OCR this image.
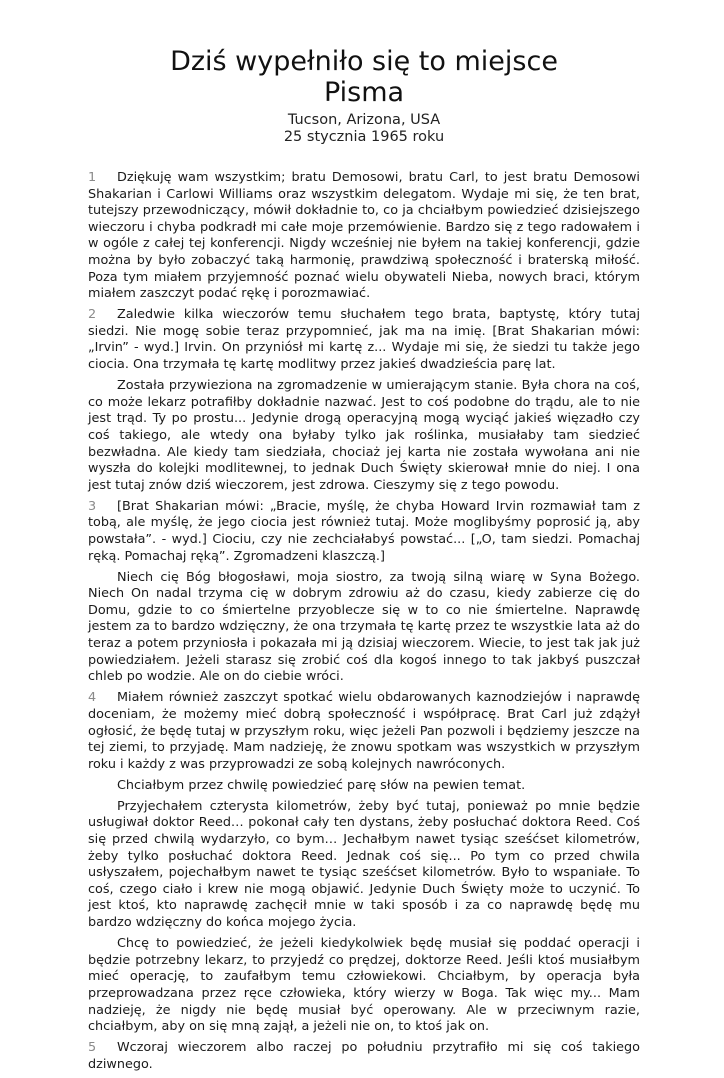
Dziś wypełniło się to miejsce
Pisma
Tucson, Arizona, USA
25 stycznia 1965 roku

1 Dziękuję wam wszystkim; bratu Demosowi, bratu Carl, to jest bratu Demosowi Shakarian i Carlowi Williams oraz wszystkim delegatom. Wydaje mi się, że ten brat, tutejszy przewodniczący, mówił dokładnie to, co ja chciałbym powiedzieć dzisiejszego wieczoru i chyba podkradł mi całe moje przemówienie. Bardzo się z tego radowałem i w ogóle z całej tej konferencji. Nigdy wcześniej nie byłem na takiej konferencji, gdzie można by było zobaczyć taką harmonię, prawdziwą społeczność i braterską miłość. Poza tym miałem przyjemność poznać wielu obywateli Nieba, nowych braci, którym miałem zaszczyt podać rękę i porozmawiać.

2 Zaledwie kilka wieczorów temu słuchałem tego brata, baptystę, który tutaj siedzi. Nie mogę sobie teraz przypomnieć, jak ma na imię. [Brat Shakarian mówi: „Irvin” - wyd.] Irvin. On przyniósł mi kartę z... Wydaje mi się, że siedzi tu także jego ciocia. Ona trzymała tę kartę modlitwy przez jakieś dwadzieścia parę lat.

Została przywieziona na zgromadzenie w umierającym stanie. Była chora na coś, co może lekarz potrafiłby dokładnie nazwać. Jest to coś podobne do trądu, ale to nie jest trąd. Ty po prostu... Jedynie drogą operacyjną mogą wyciąć jakieś więzadło czy coś takiego, ale wtedy ona byłaby tylko jak roślinka, musiałaby tam siedzieć bezwładna. Ale kiedy tam siedziała, chociaż jej karta nie została wywołana ani nie wyszła do kolejki modlitewnej, to jednak Duch Święty skierował mnie do niej. I ona jest tutaj znów dziś wieczorem, jest zdrowa. Cieszymy się z tego powodu.

3 [Brat Shakarian mówi: „Bracie, myślę, że chyba Howard Irvin rozmawiał tam z tobą, ale myślę, że jego ciocia jest również tutaj. Może moglibyśmy poprosić ją, aby powstała”. - wyd.] Ciociu, czy nie zechciałabyś powstać... [„O, tam siedzi. Pomachaj ręką. Pomachaj ręką”. Zgromadzeni klaszczą.]

Niech cię Bóg błogosławi, moja siostro, za twoją silną wiarę w Syna Bożego. Niech On nadal trzyma cię w dobrym zdrowiu aż do czasu, kiedy zabierze cię do Domu, gdzie to co śmiertelne przyoblecze się w to co nie śmiertelne. Naprawdę jestem za to bardzo wdzięczny, że ona trzymała tę kartę przez te wszystkie lata aż do teraz a potem przyniosła i pokazała mi ją dzisiaj wieczorem. Wiecie, to jest tak jak już powiedziałem. Jeżeli starasz się zrobić coś dla kogoś innego to tak jakbyś puszczał chleb po wodzie. Ale on do ciebie wróci.

4 Miałem również zaszczyt spotkać wielu obdarowanych kaznodziejów i naprawdę doceniam, że możemy mieć dobrą społeczność i współpracę. Brat Carl już zdążył ogłosić, że będę tutaj w przyszłym roku, więc jeżeli Pan pozwoli i będziemy jeszcze na tej ziemi, to przyjadę. Mam nadzieję, że znowu spotkam was wszystkich w przyszłym roku i każdy z was przyprowadzi ze sobą kolejnych nawróconych.

Chciałbym przez chwilę powiedzieć parę słów na pewien temat.

Przyjechałem czterysta kilometrów, żeby być tutaj, ponieważ po mnie będzie usługiwał doktor Reed… pokonał cały ten dystans, żeby posłuchać doktora Reed. Coś się przed chwilą wydarzyło, co bym… Jechałbym nawet tysiąc sześćset kilometrów, żeby tylko posłuchać doktora Reed. Jednak coś się... Po tym co przed chwila usłyszałem, pojechałbym nawet te tysiąc sześćset kilometrów. Było to wspaniałe. To coś, czego ciało i krew nie mogą objawić. Jedynie Duch Święty może to uczynić. To jest ktoś, kto naprawdę zachęcił mnie w taki sposób i za co naprawdę będę mu bardzo wdzięczny do końca mojego życia.

Chcę to powiedzieć, że jeżeli kiedykolwiek będę musiał się poddać operacji i będzie potrzebny lekarz, to przyjedź co prędzej, doktorze Reed. Jeśli ktoś musiałbym mieć operację, to zaufałbym temu człowiekowi. Chciałbym, by operacja była przeprowadzana przez ręce człowieka, który wierzy w Boga. Tak więc my... Mam nadzieję, że nigdy nie będę musiał być operowany. Ale w przeciwnym razie, chciałbym, aby on się mną zajął, a jeżeli nie on, to ktoś jak on.

5 Wczoraj wieczorem albo raczej po południu przytrafiło mi się coś takiego dziwnego.
